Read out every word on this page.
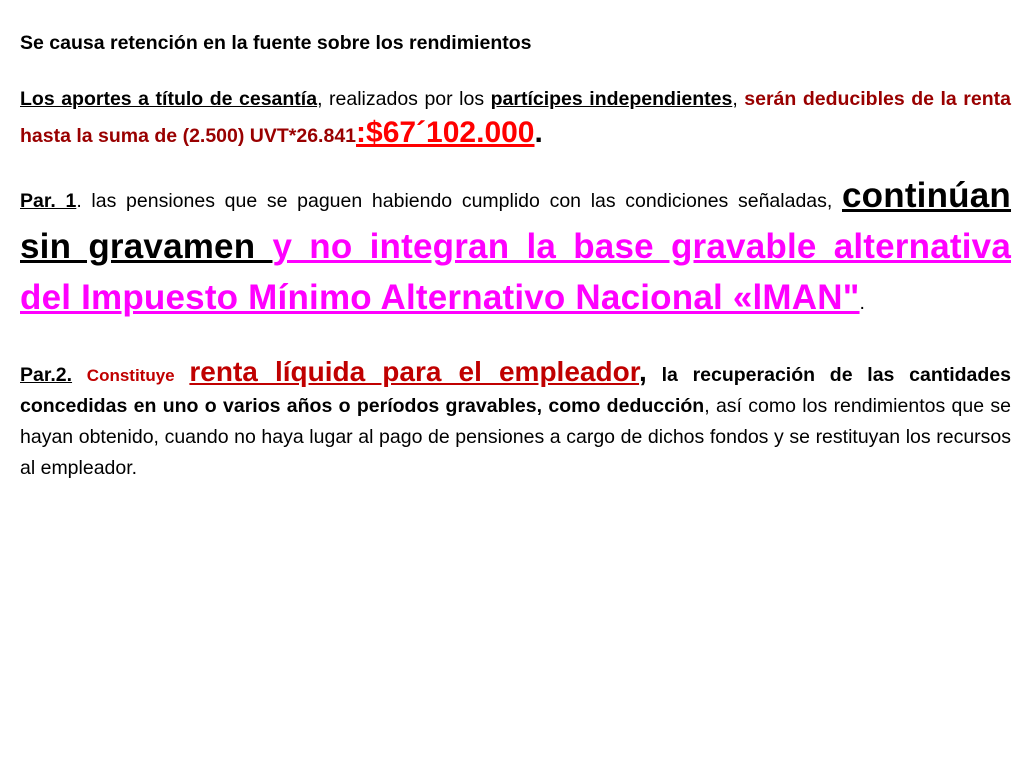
Se causa retención en la fuente sobre los rendimientos

Los aportes a título de cesantía, realizados por los partícipes independientes, serán deducibles de la renta hasta la suma de (2.500) UVT*26.841:$67´102.000.

Par. 1. las pensiones que se paguen habiendo cumplido con las condiciones señaladas, continúan sin gravamen y no integran la base gravable alternativa del Impuesto Mínimo Alternativo Nacional «lMAN".

Par.2. Constituye renta líquida para el empleador, la recuperación de las cantidades concedidas en uno o varios años o períodos gravables, como deducción, así como los rendimientos que se hayan obtenido, cuando no haya lugar al pago de pensiones a cargo de dichos fondos y se restituyan los recursos al empleador.
